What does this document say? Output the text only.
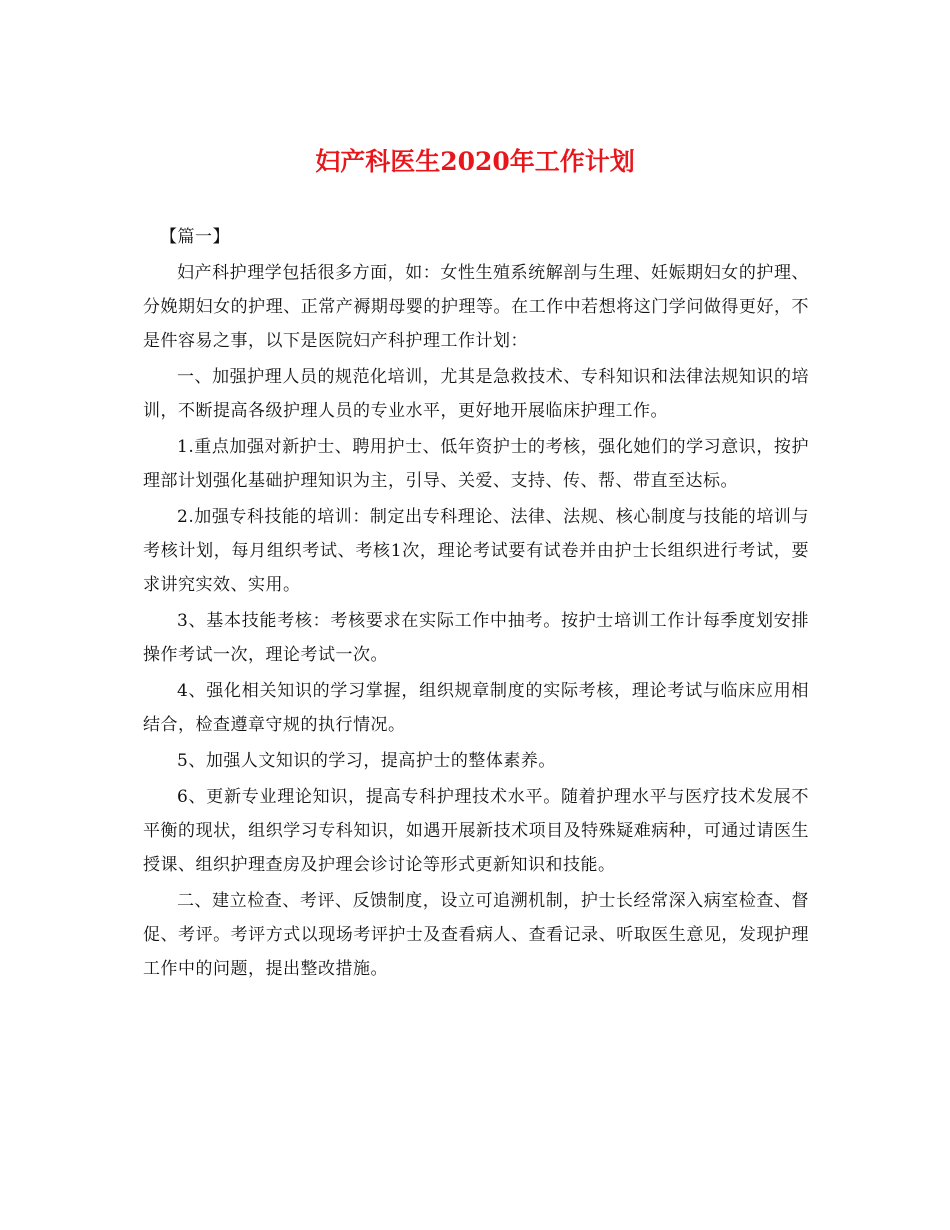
妇产科医生2020年工作计划

【篇一】

妇产科护理学包括很多方面，如：女性生殖系统解剖与生理、妊娠期妇女的护理、分娩期妇女的护理、正常产褥期母婴的护理等。在工作中若想将这门学问做得更好，不是件容易之事，以下是医院妇产科护理工作计划：

一、加强护理人员的规范化培训，尤其是急救技术、专科知识和法律法规知识的培训，不断提高各级护理人员的专业水平，更好地开展临床护理工作。

1.重点加强对新护士、聘用护士、低年资护士的考核，强化她们的学习意识，按护理部计划强化基础护理知识为主，引导、关爱、支持、传、帮、带直至达标。

2.加强专科技能的培训：制定出专科理论、法律、法规、核心制度与技能的培训与考核计划，每月组织考试、考核1次，理论考试要有试卷并由护士长组织进行考试，要求讲究实效、实用。

3、基本技能考核：考核要求在实际工作中抽考。按护士培训工作计每季度划安排操作考试一次，理论考试一次。

4、强化相关知识的学习掌握，组织规章制度的实际考核，理论考试与临床应用相结合，检查遵章守规的执行情况。

5、加强人文知识的学习，提高护士的整体素养。

6、更新专业理论知识，提高专科护理技术水平。随着护理水平与医疗技术发展不平衡的现状，组织学习专科知识，如遇开展新技术项目及特殊疑难病种，可通过请医生授课、组织护理查房及护理会诊讨论等形式更新知识和技能。

二、建立检查、考评、反馈制度，设立可追溯机制，护士长经常深入病室检查、督促、考评。考评方式以现场考评护士及查看病人、查看记录、听取医生意见，发现护理工作中的问题，提出整改措施。
